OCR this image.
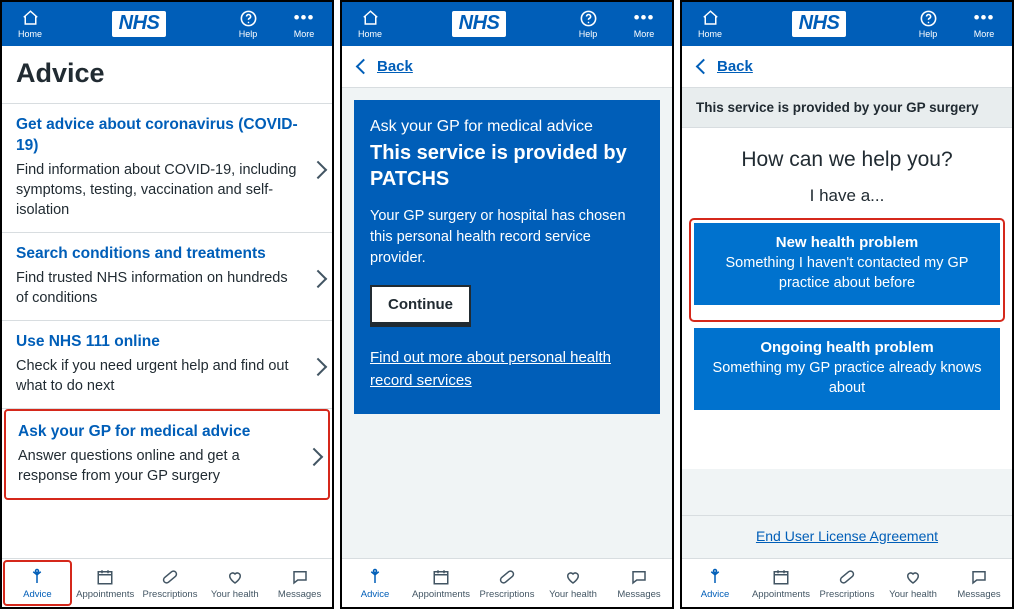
Home	NHS	Help
•••
More
Advice

Get advice about coronavirus (COVID-19)

Find information about COVID-19, including symptoms, testing, vaccination and self-isolation

Search conditions and treatments

Find trusted NHS information on hundreds of conditions

Use NHS 111 online

Check if you need urgent help and find out what to do next

Ask your GP for medical advice

Answer questions online and get a response from your GP surgery

Advice	Appointments Prescriptions Your health Messages
Home	NHS	Help
•••
More
Back

Ask your GP for medical advice

This service is provided by PATCHS

Your GP surgery or hospital has chosen this personal health record service provider.

Continue
Find out more about personal health record services
Advice Appointments Prescriptions Your health Messages
Home	NHS	Help
•••
More
Back
This service is provided by your GP surgery

How can we help you?

I have a...

New health problem
Something I haven't contacted my GP practice about before
Ongoing health problem
Something my GP practice already knows about
End User License Agreement
Advice Appointments Prescriptions Your health Messages
